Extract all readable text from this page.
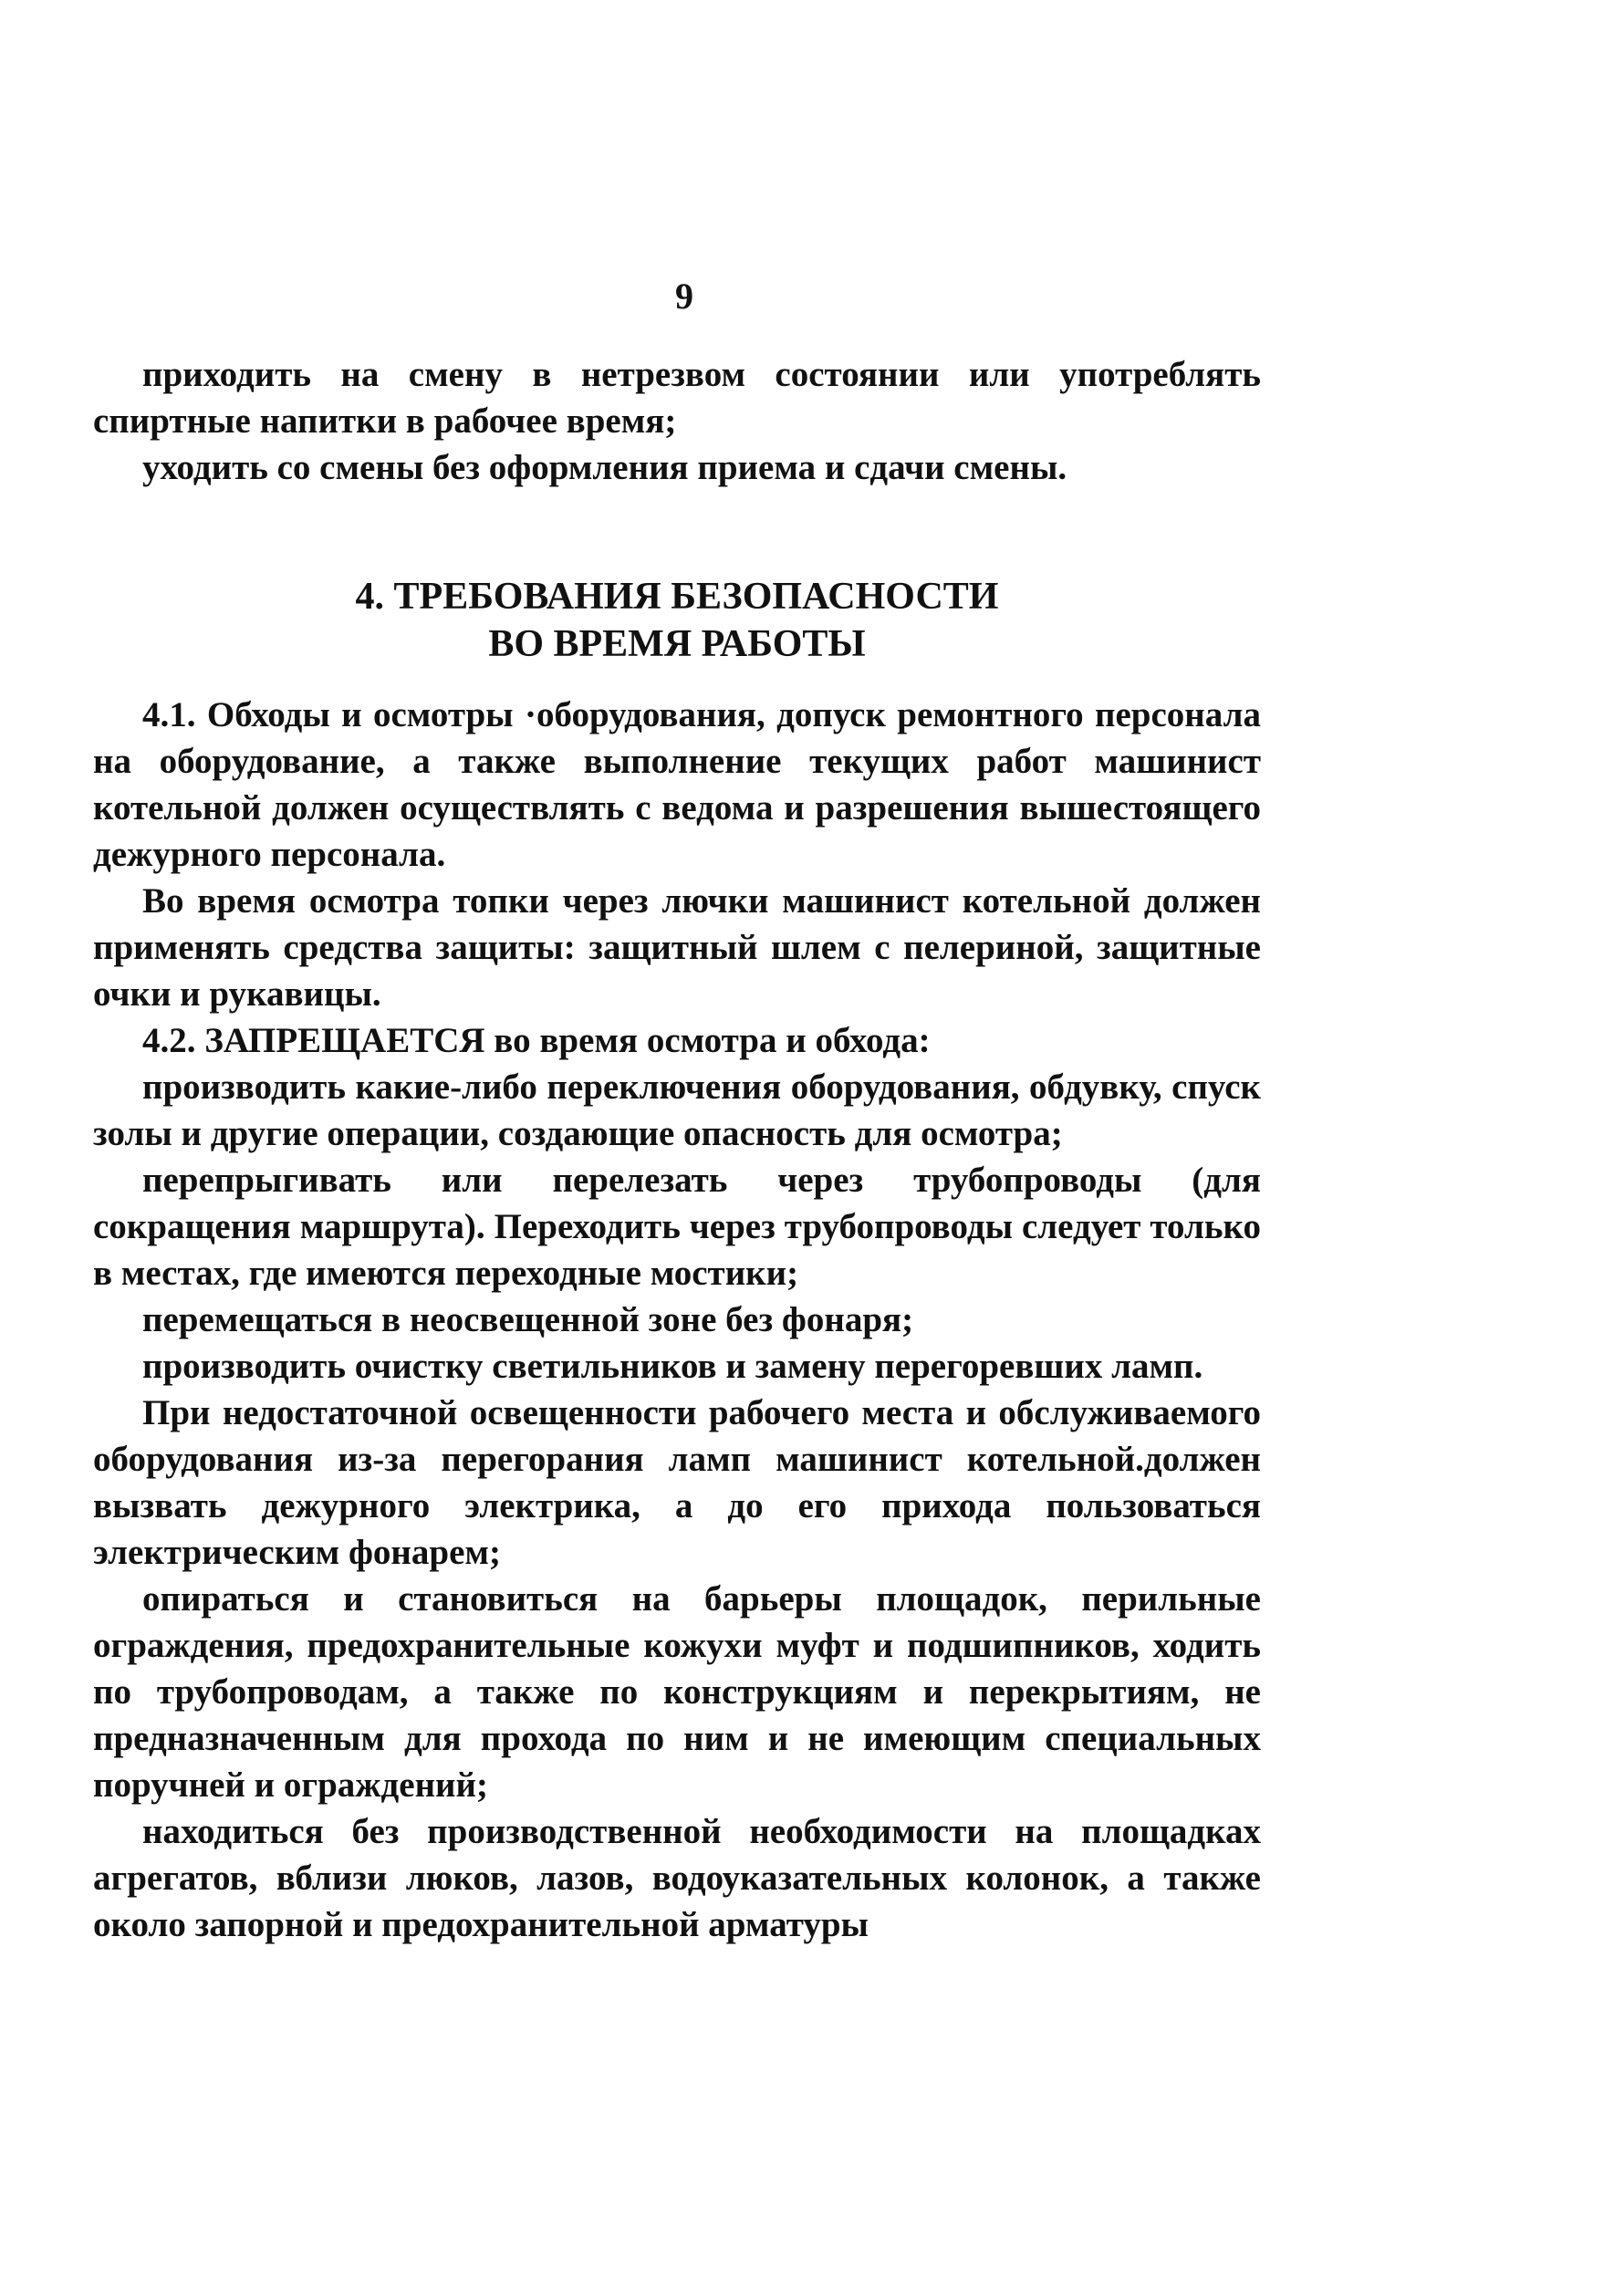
9

приходить на смену в нетрезвом состоянии или употреблять спиртные напитки в рабочее время;

уходить со смены без оформления приема и сдачи смены.

4. ТРЕБОВАНИЯ БЕЗОПАСНОСТИ
ВО ВРЕМЯ РАБОТЫ

4.1. Обходы и осмотры ·оборудования, допуск ремонтного персонала на оборудование, а также выполнение текущих работ машинист котельной должен осуществлять с ведома и разрешения вышестоящего дежурного персонала.

Во время осмотра топки через лючки машинист котельной должен применять средства защиты: защитный шлем с пелериной, защитные очки и рукавицы.

4.2. ЗАПРЕЩАЕТСЯ во время осмотра и обхода:

производить какие-либо переключения оборудования, обдувку, спуск золы и другие операции, создающие опасность для осмотра;

перепрыгивать или перелезать через трубопроводы (для сокращения маршрута). Переходить через трубопроводы следует только в местах, где имеются переходные мостики;

перемещаться в неосвещенной зоне без фонаря;

производить очистку светильников и замену перегоревших ламп.

При недостаточной освещенности рабочего места и обслуживаемого оборудования из-за перегорания ламп машинист котельной.должен вызвать дежурного электрика, а до его прихода пользоваться электрическим фонарем;

опираться и становиться на барьеры площадок, перильные ограждения, предохранительные кожухи муфт и подшипников, ходить по трубопроводам, а также по конструкциям и перекрытиям, не предназначенным для прохода по ним и не имеющим специальных поручней и ограждений;

находиться без производственной необходимости на площадках агрегатов, вблизи люков, лазов, водоуказательных колонок, а также около запорной и предохранительной арматуры
